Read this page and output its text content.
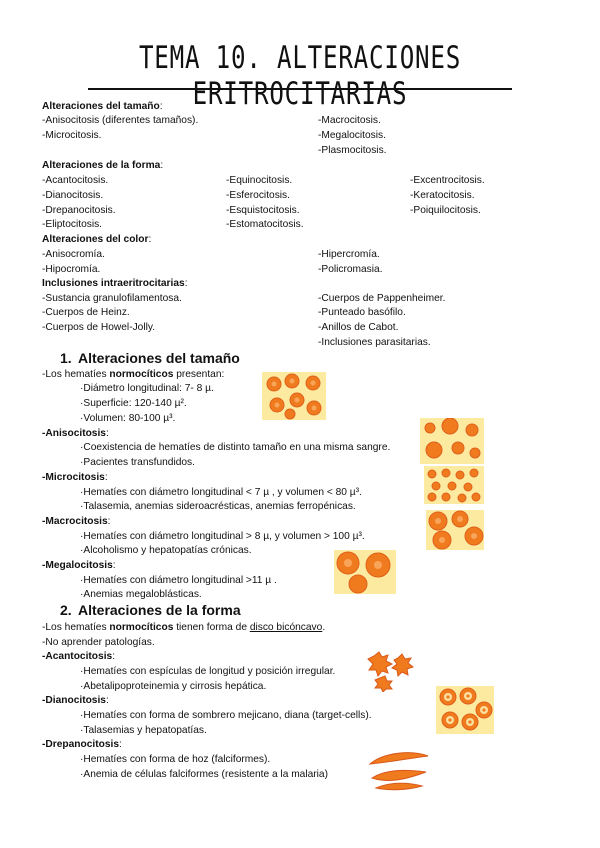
TEMA 10. ALTERACIONES ERITROCITARIAS
Alteraciones del tamaño:
-Anisocitosis (diferentes tamaños).
-Microcitosis.
-Macrocitosis.
-Megalocitosis.
-Plasmocitosis.
Alteraciones de la forma:
-Acantocitosis.
-Dianocitosis.
-Drepanocitosis.
-Eliptocitosis.
-Equinocitosis.
-Esferocitosis.
-Esquistocitosis.
-Estomatocitosis.
-Excentrocitosis.
-Keratocitosis.
-Poiquilocitosis.
Alteraciones del color:
-Anisocromía.
-Hipocromía.
-Hipercromía.
-Policromasia.
Inclusiones intraeritrocitarias:
-Sustancia granulofilamentosa.
-Cuerpos de Heinz.
-Cuerpos de Howel-Jolly.
-Cuerpos de Pappenheimer.
-Punteado basófilo.
-Anillos de Cabot.
-Inclusiones parasitarias.
1. Alteraciones del tamaño
-Los hematíes normocíticos presentan:
·Diámetro longitudinal: 7- 8 µ.
·Superficie: 120-140 µ².
·Volumen: 80-100 µ³.
-Anisocitosis:
·Coexistencia de hematíes de distinto tamaño en una misma sangre.
·Pacientes transfundidos.
-Microcitosis:
·Hematíes con diámetro longitudinal < 7 µ , y volumen < 80 µ³.
·Talasemia, anemias sideroacrésticas, anemias ferropénicas.
-Macrocitosis:
·Hematíes con diámetro longitudinal > 8 µ, y volumen > 100 µ³.
·Alcoholismo y hepatopatías crónicas.
-Megalocitosis:
·Hematíes con diámetro longitudinal >11 µ .
·Anemias megaloblásticas.
2. Alteraciones de la forma
-Los hematíes normocíticos tienen forma de disco bicóncavo.
-No aprender patologías.
-Acantocitosis:
·Hematíes con espículas de longitud y posición irregular.
·Abetalipoproteinemia y cirrosis hepática.
-Dianocitosis:
·Hematíes con forma de sombrero mejicano, diana (target-cells).
·Talasemias y hepatopatías.
-Drepanocitosis:
·Hematíes con forma de hoz (falciformes).
·Anemia de células falciformes (resistente a la malaria)
